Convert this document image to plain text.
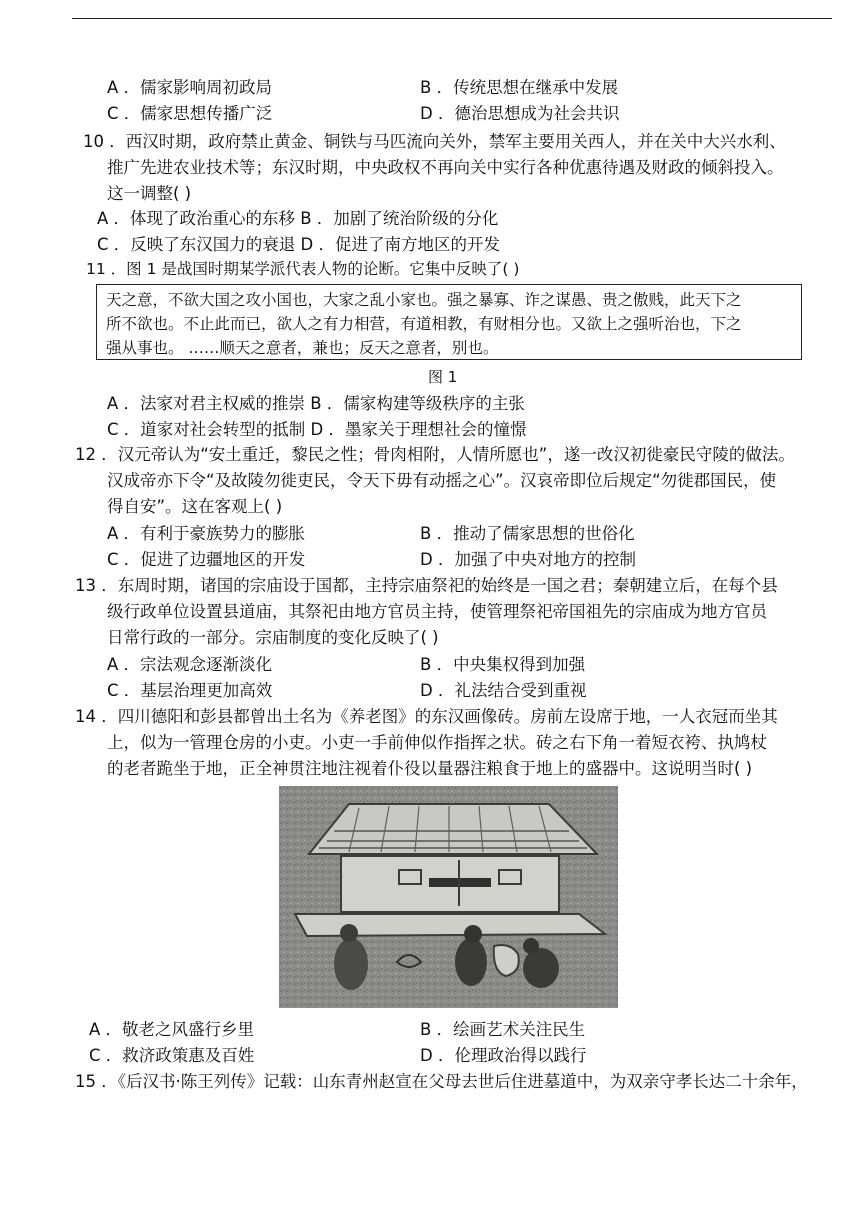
A ．儒家影响周初政局	B ．传统思想在继承中发展
C ．儒家思想传播广泛	D ．德治思想成为社会共识
10 ．西汉时期，政府禁止黄金、铜铁与马匹流向关外，禁军主要用关西人，并在关中大兴水利、
推广先进农业技术等；东汉时期，中央政权不再向关中实行各种优惠待遇及财政的倾斜投入。
这一调整( )
A ．体现了政治重心的东移 B ．加剧了统治阶级的分化
C ．反映了东汉国力的衰退 D ．促进了南方地区的开发
11 ．图 1 是战国时期某学派代表人物的论断。它集中反映了( )
天之意，不欲大国之攻小国也，大家之乱小家也。强之暴寡、诈之谋愚、贵之傲贱，此天下之
所不欲也。不止此而已，欲人之有力相营，有道相教，有财相分也。又欲上之强听治也，下之
强从事也。 ……顺天之意者，兼也；反天之意者，别也。
图 1
A ．法家对君主权威的推崇 B ．儒家构建等级秩序的主张
C ．道家对社会转型的抵制 D ．墨家关于理想社会的憧憬
12 ．汉元帝认为“安土重迁，黎民之性；骨肉相附，人情所愿也”，遂一改汉初徙豪民守陵的做法。
汉成帝亦下令“及故陵勿徙吏民，令天下毋有动摇之心”。汉哀帝即位后规定“勿徙郡国民，使
得自安”。这在客观上( )
A ．有利于豪族势力的膨胀	B ．推动了儒家思想的世俗化
C ．促进了边疆地区的开发	D ．加强了中央对地方的控制
13 ．东周时期，诸国的宗庙设于国都，主持宗庙祭祀的始终是一国之君；秦朝建立后，在每个县
级行政单位设置县道庙，其祭祀由地方官员主持，使管理祭祀帝国祖先的宗庙成为地方官员
日常行政的一部分。宗庙制度的变化反映了( )
A ．宗法观念逐渐淡化	B ．中央集权得到加强
C ．基层治理更加高效	D ．礼法结合受到重视
14 ．四川德阳和彭县都曾出土名为《养老图》的东汉画像砖。房前左设席于地，一人衣冠而坐其
上，似为一管理仓房的小吏。小吏一手前伸似作指挥之状。砖之右下角一着短衣袴、执鸠杖
的老者跪坐于地，正全神贯注地注视着仆役以量器注粮食于地上的盛器中。这说明当时( )
A ．敬老之风盛行乡里	B ．绘画艺术关注民生
C ．救济政策惠及百姓	D ．伦理政治得以践行
15 ．《后汉书·陈王列传》记载：山东青州赵宣在父母去世后住进墓道中，为双亲守孝长达二十余年，
